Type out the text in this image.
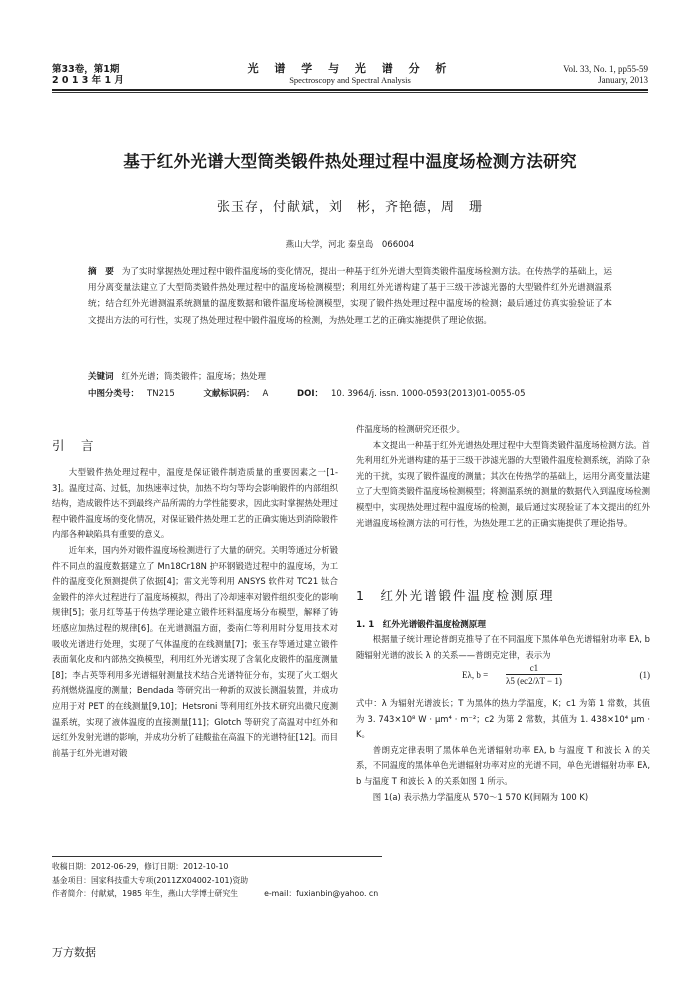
第33卷，第1期
2 0 1 3 年 1 月
光 谱 学 与 光 谱 分 析
Spectroscopy and Spectral Analysis
Vol. 33, No. 1, pp55-59
January, 2013
基于红外光谱大型筒类锻件热处理过程中温度场检测方法研究
张玉存，付献斌，刘　彬，齐艳德，周　珊
燕山大学，河北 秦皇岛　066004
摘　要 为了实时掌握热处理过程中锻件温度场的变化情况，提出一种基于红外光谱大型筒类锻件温度场检测方法。在传热学的基础上，运用分离变量法建立了大型筒类锻件热处理过程中的温度场检测模型；利用红外光谱构建了基于三级干涉滤光器的大型锻件红外光谱测温系统；结合红外光谱测温系统测量的温度数据和锻件温度场检测模型，实现了锻件热处理过程中温度场的检测；最后通过仿真实验验证了本文提出方法的可行性，实现了热处理过程中锻件温度场的检测，为热处理工艺的正确实施提供了理论依据。
关键词 红外光谱；筒类锻件；温度场；热处理
中图分类号： TN215	文献标识码： A	DOI： 10. 3964/j. issn. 1000-0593(2013)01-0055-05
引　言

大型锻件热处理过程中，温度是保证锻件制造质量的重要因素之一[1-3]。温度过高、过低，加热速率过快，加热不均匀等均会影响锻件的内部组织结构，造成锻件达不到最终产品所需的力学性能要求，因此实时掌握热处理过程中锻件温度场的变化情况，对保证锻件热处理工艺的正确实施达到消除锻件内部各种缺陷具有重要的意义。

近年来，国内外对锻件温度场检测进行了大量的研究。关明等通过分析锻件不同点的温度数据建立了 Mn18Cr18N 护环钢锻造过程中的温度场，为工件的温度变化预测提供了依据[4]；雷文光等利用 ANSYS 软件对 TC21 钛合金锻件的淬火过程进行了温度场模拟，得出了冷却速率对锻件组织变化的影响规律[5]；张月红等基于传热学理论建立锻件坯料温度场分布模型，解释了铸坯感应加热过程的规律[6]。在光谱测温方面，娄南仁等利用时分复用技术对吸收光谱进行处理，实现了气体温度的在线测量[7]；张玉存等通过建立锻件表面氧化皮和内部热交换模型，利用红外光谱实现了含氧化皮锻件的温度测量[8]；李占英等利用多光谱辐射测量技术结合光谱特征分布，实现了火工烟火药剂燃烧温度的测量；Bendada 等研究出一种新的双波长测温装置，并成功应用于对 PET 的在线测量[9,10]；Hetsroni 等利用红外技术研究出微尺度测温系统，实现了液体温度的直接测量[11]；Glotch 等研究了高温对中红外和远红外发射光谱的影响，并成功分析了硅酸盐在高温下的光谱特征[12]。而目前基于红外光谱对锻

件温度场的检测研究还很少。

本文提出一种基于红外光谱热处理过程中大型筒类锻件温度场检测方法。首先利用红外光谱构建的基于三级干涉滤光器的大型锻件温度检测系统，消除了杂光的干扰，实现了锻件温度的测量；其次在传热学的基础上，运用分离变量法建立了大型筒类锻件温度场检测模型；将测温系统的测量的数据代入到温度场检测模型中，实现热处理过程中温度场的检测，最后通过实现验证了本文提出的红外光谱温度场检测方法的可行性，为热处理工艺的正确实施提供了理论指导。

1　红外光谱锻件温度检测原理
1. 1　红外光谱锻件温度检测原理

根据量子统计理论普朗克推导了在不同温度下黑体单色光谱辐射功率 Eλ, b 随辐射光谱的波长 λ 的关系——普朗克定律，表示为

Eλ, $b = \frac{c1}{\lambda 5 (ec2/\lambda T - 1)}$	(1)
式中：λ 为辐射光谱波长；T 为黑体的热力学温度，K；c1 为第 1 常数，其值为 3. 743×10⁸ W · μm⁴ · m⁻²；c2 为第 2 常数，其值为 1. 438×10⁴ μm · K。

普朗克定律表明了黑体单色光谱辐射功率 Eλ, b 与温度 T 和波长 λ 的关系，不同温度的黑体单色光谱辐射功率对应的光谱不同，单色光谱辐射功率 Eλ, b 与温度 T 和波长 λ 的关系如图 1 所示。

图 1(a) 表示热力学温度从 570～1 570 K(间隔为 100 K)

收稿日期：2012-06-29，修订日期：2012-10-10
基金项目：国家科技重大专项(2011ZX04002-101)资助
作者简介：付献斌，1985 年生，燕山大学博士研究生	e-mail：fuxianbin@yahoo. cn
万方数据
